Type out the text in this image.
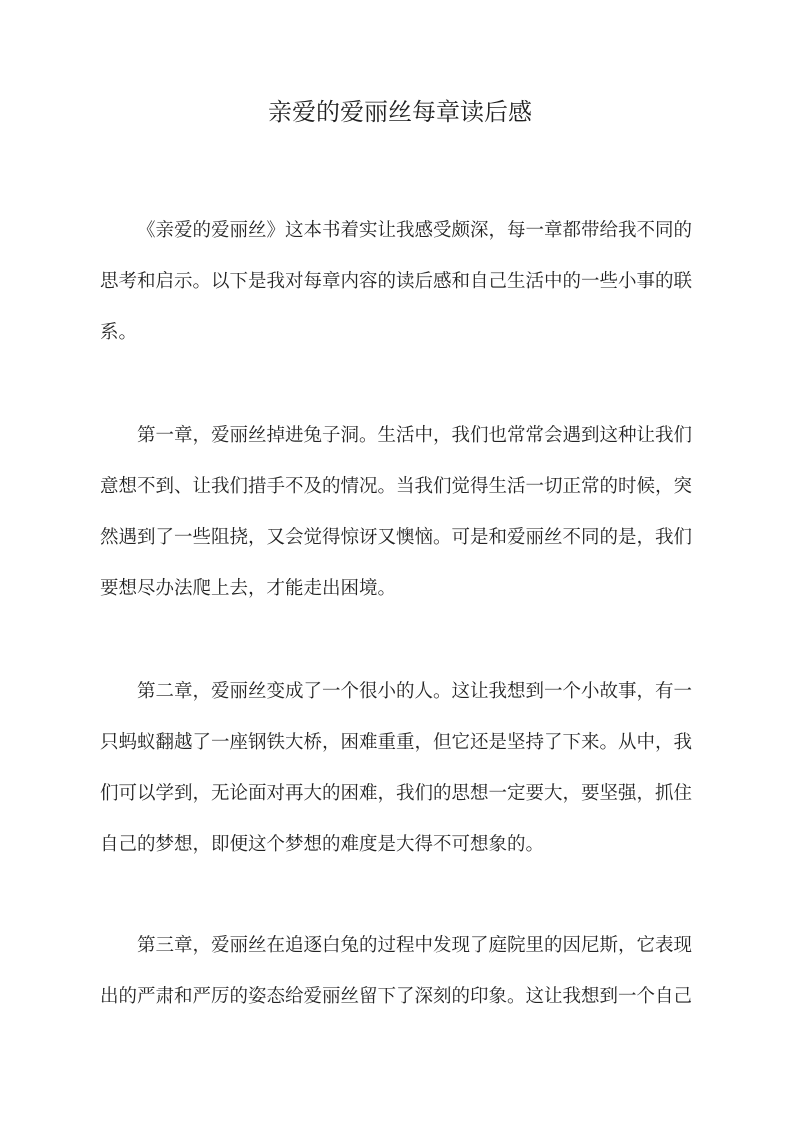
亲爱的爱丽丝每章读后感
《亲爱的爱丽丝》这本书着实让我感受颇深，每一章都带给我不同的
思考和启示。以下是我对每章内容的读后感和自己生活中的一些小事的联
系。
第一章，爱丽丝掉进兔子洞。生活中，我们也常常会遇到这种让我们
意想不到、让我们措手不及的情况。当我们觉得生活一切正常的时候，突
然遇到了一些阻挠，又会觉得惊讶又懊恼。可是和爱丽丝不同的是，我们
要想尽办法爬上去，才能走出困境。
第二章，爱丽丝变成了一个很小的人。这让我想到一个小故事，有一
只蚂蚁翻越了一座钢铁大桥，困难重重，但它还是坚持了下来。从中，我
们可以学到，无论面对再大的困难，我们的思想一定要大，要坚强，抓住
自己的梦想，即便这个梦想的难度是大得不可想象的。
第三章，爱丽丝在追逐白兔的过程中发现了庭院里的因尼斯，它表现
出的严肃和严厉的姿态给爱丽丝留下了深刻的印象。这让我想到一个自己
